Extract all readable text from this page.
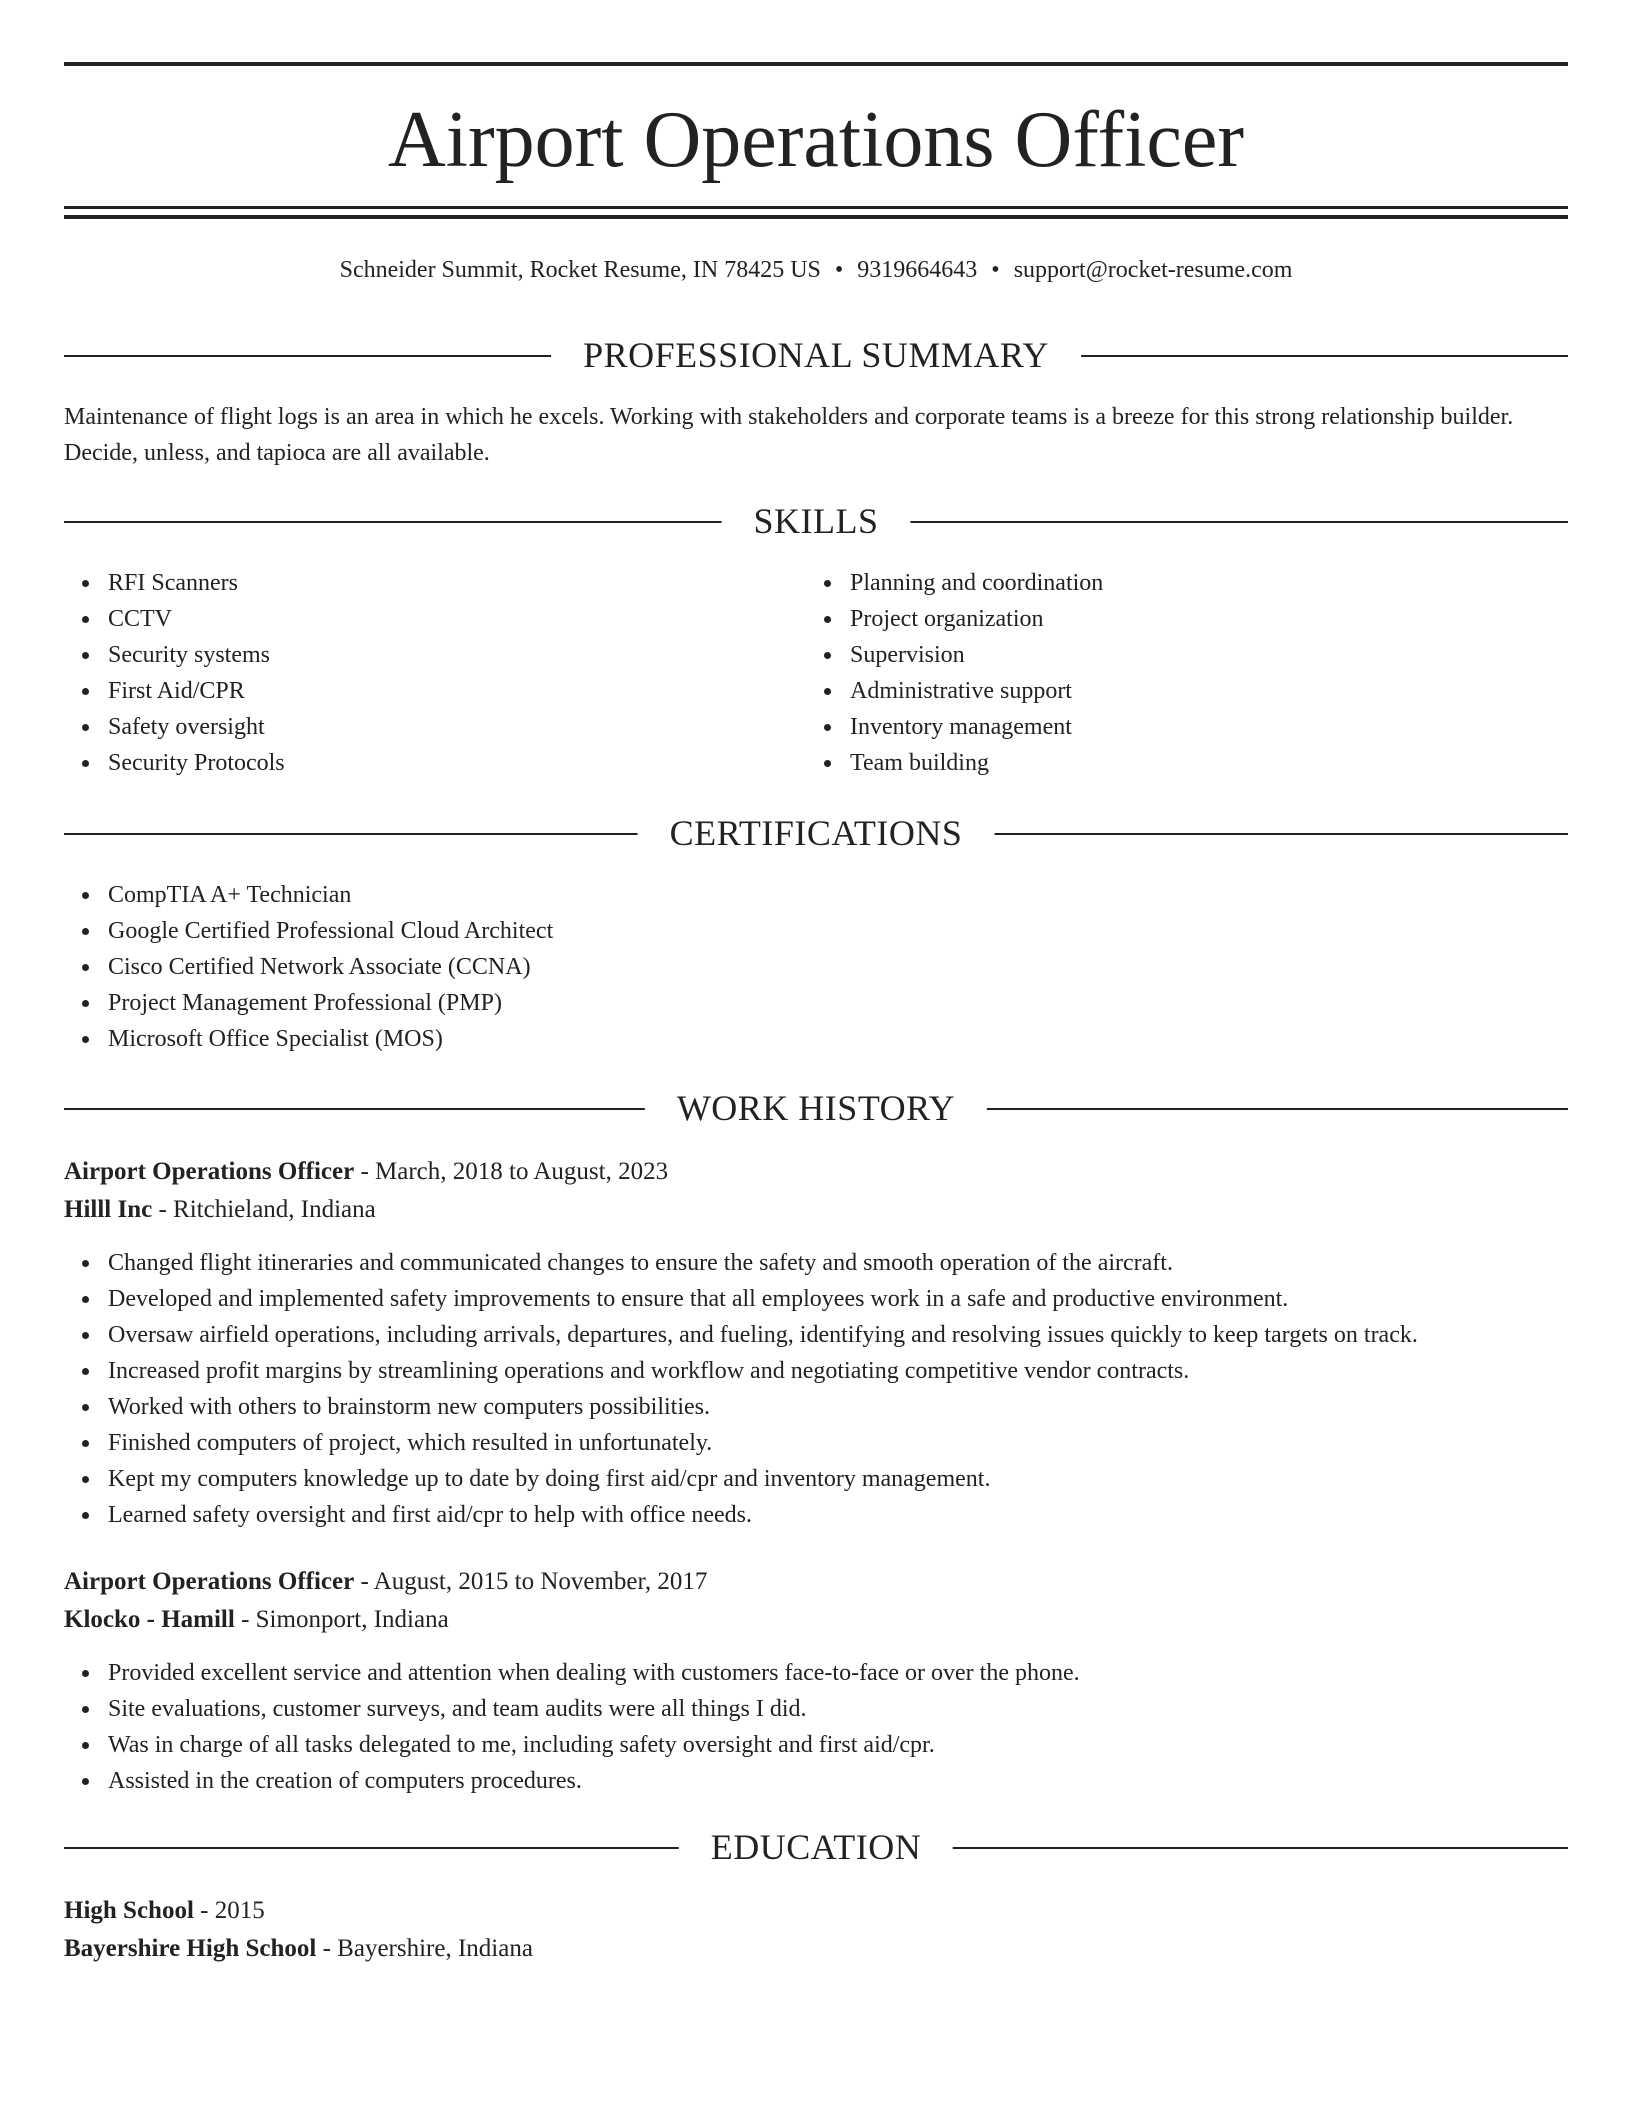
Airport Operations Officer
Schneider Summit, Rocket Resume, IN 78425 US • 9319664643 • support@rocket-resume.com
PROFESSIONAL SUMMARY

Maintenance of flight logs is an area in which he excels. Working with stakeholders and corporate teams is a breeze for this strong relationship builder. Decide, unless, and tapioca are all available.

SKILLS
RFI Scanners
CCTV
Security systems
First Aid/CPR
Safety oversight
Security Protocols
Planning and coordination
Project organization
Supervision
Administrative support
Inventory management
Team building
CERTIFICATIONS
CompTIA A+ Technician
Google Certified Professional Cloud Architect
Cisco Certified Network Associate (CCNA)
Project Management Professional (PMP)
Microsoft Office Specialist (MOS)
WORK HISTORY

Airport Operations Officer - March, 2018 to August, 2023

Hilll Inc - Ritchieland, Indiana

Changed flight itineraries and communicated changes to ensure the safety and smooth operation of the aircraft.
Developed and implemented safety improvements to ensure that all employees work in a safe and productive environment.
Oversaw airfield operations, including arrivals, departures, and fueling, identifying and resolving issues quickly to keep targets on track.
Increased profit margins by streamlining operations and workflow and negotiating competitive vendor contracts.
Worked with others to brainstorm new computers possibilities.
Finished computers of project, which resulted in unfortunately.
Kept my computers knowledge up to date by doing first aid/cpr and inventory management.
Learned safety oversight and first aid/cpr to help with office needs.

Airport Operations Officer - August, 2015 to November, 2017

Klocko - Hamill - Simonport, Indiana

Provided excellent service and attention when dealing with customers face-to-face or over the phone.
Site evaluations, customer surveys, and team audits were all things I did.
Was in charge of all tasks delegated to me, including safety oversight and first aid/cpr.
Assisted in the creation of computers procedures.
EDUCATION

High School - 2015

Bayershire High School - Bayershire, Indiana
